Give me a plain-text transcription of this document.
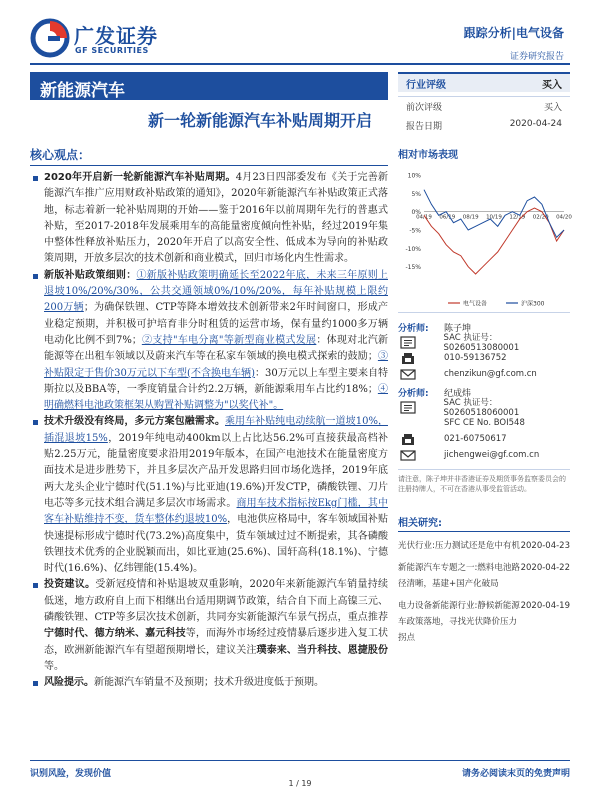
广发证券
GF SECURITIES
跟踪分析|电气设备
证券研究报告
新能源汽车
新一轮新能源汽车补贴周期开启
行业评级	买入
前次评级	买入
报告日期	2020-04-24
核心观点：

2020年开启新一轮新能源汽车补贴周期。4月23日四部委发布《关于完善新能源汽车推广应用财政补贴政策的通知》，2020年新能源汽车补贴政策正式落地，标志着新一轮补贴周期的开始——鉴于2016年以前周期年先行的普惠式补贴，至2017-2018年发展乘用车的高能量密度倾向性补贴，经过2019年集中整体性释放补贴压力，2020年开启了以高安全性、低成本为导向的补贴政策周期，开放多层次的技术创新和商业模式，回归市场化内生性需求。

新版补贴政策细则：①新版补贴政策明确延长至2022年底，未来三年原则上退坡10%/20%/30%，公共交通领域0%/10%/20%，每年补贴规模上限约200万辆；为确保铁锂、CTP等降本增效技术创新带来2年时间窗口，形成产业稳定预期，并积极可护培育非分时租赁的运营市场，保有量约1000多万辆电动化比例不到7%；②支持"车电分离"等新型商业模式发展：体现对北汽新能源等在出租车领域以及蔚来汽车等在私家车领域的换电模式探索的鼓励；③补贴限定于售价30万元以下车型(不含换电车辆)：30万元以上车型主要来自特斯拉以及BBA等，一季度销量合计约2.2万辆，新能源乘用车占比约18%；④明确燃料电池政策框架从购置补贴调整为"以奖代补"。

技术升级没有终局，多元方案包融需求。乘用车补贴纯电动续航一道坡10%，插混退坡15%，2019年纯电动400km以上占比达56.2%可直接获最高档补贴2.25万元，能量密度要求沿用2019年版本，在国产电池技术在能量密度方面技术是进步胜势下，并且多层次产品开发思路归回市场化选择，2019年底两大龙头企业宁德时代(51.1%)与比亚迪(19.6%)开发CTP，磷酸铁锂、刀片电芯等多元技术组合满足多层次市场需求。商用车技术指标按Ekg门槛，其中客车补贴维持不变，货车整体约退坡10%，电池供应格局中，客车领域国补贴快速提标形成宁德时代(73.2%)高度集中，货车领域过过不断提索，其各磷酸铁锂技术优秀的企业脱颖而出，如比亚迪(25.6%)、国轩高科(18.1%)、宁德时代(16.6%)、亿纬锂能(15.4%)。

投资建议。受新冠疫情和补贴退坡双重影响，2020年来新能源汽车销量持续低迷，地方政府自上而下相继出台适用期调节政策，结合自下而上高镍三元、磷酸铁锂、CTP等多层次技术创新，共同夯实新能源汽车景气拐点，重点推荐宁德时代、德方纳米、嘉元科技等，而海外市场经过疫情暴后逐步进入复工状态，欧洲新能源汽车有望超预期增长，建议关注璞泰来、当升科技、恩捷股份等。

风险提示。新能源汽车销量不及预期；技术升级进度低于预期。

相对市场表现
10%
5%
0%
-5%
-10%
-15%
04/19 06/19 08/19 10/19 12/19 02/20 04/20
电气设备	沪深300
分析师:	陈子坤
SAC 执证号：S0260513080001
010-59136752
chenzikun@gf.com.cn
分析师:	纪成炜
SAC 执证号：S0260518060001
SFC CE No. BOI548
021-60750617
jichengwei@gf.com.cn
请注意，陈子坤并非香港证券及期货事务监察委员会的注册持牌人，不可在香港从事受监管活动。
相关研究:
光伏行业:压力测试还是危中有机 2020-04-23
新能源汽车专题之一:燃料电池路径清晰，基建+国产化破局
2020-04-22
电力设备新能源行业:静候新能源车政策落地，寻找光伏降价压力拐点
2020-04-19
识别风险，发现价值	请务必阅读末页的免责声明
1 / 19
